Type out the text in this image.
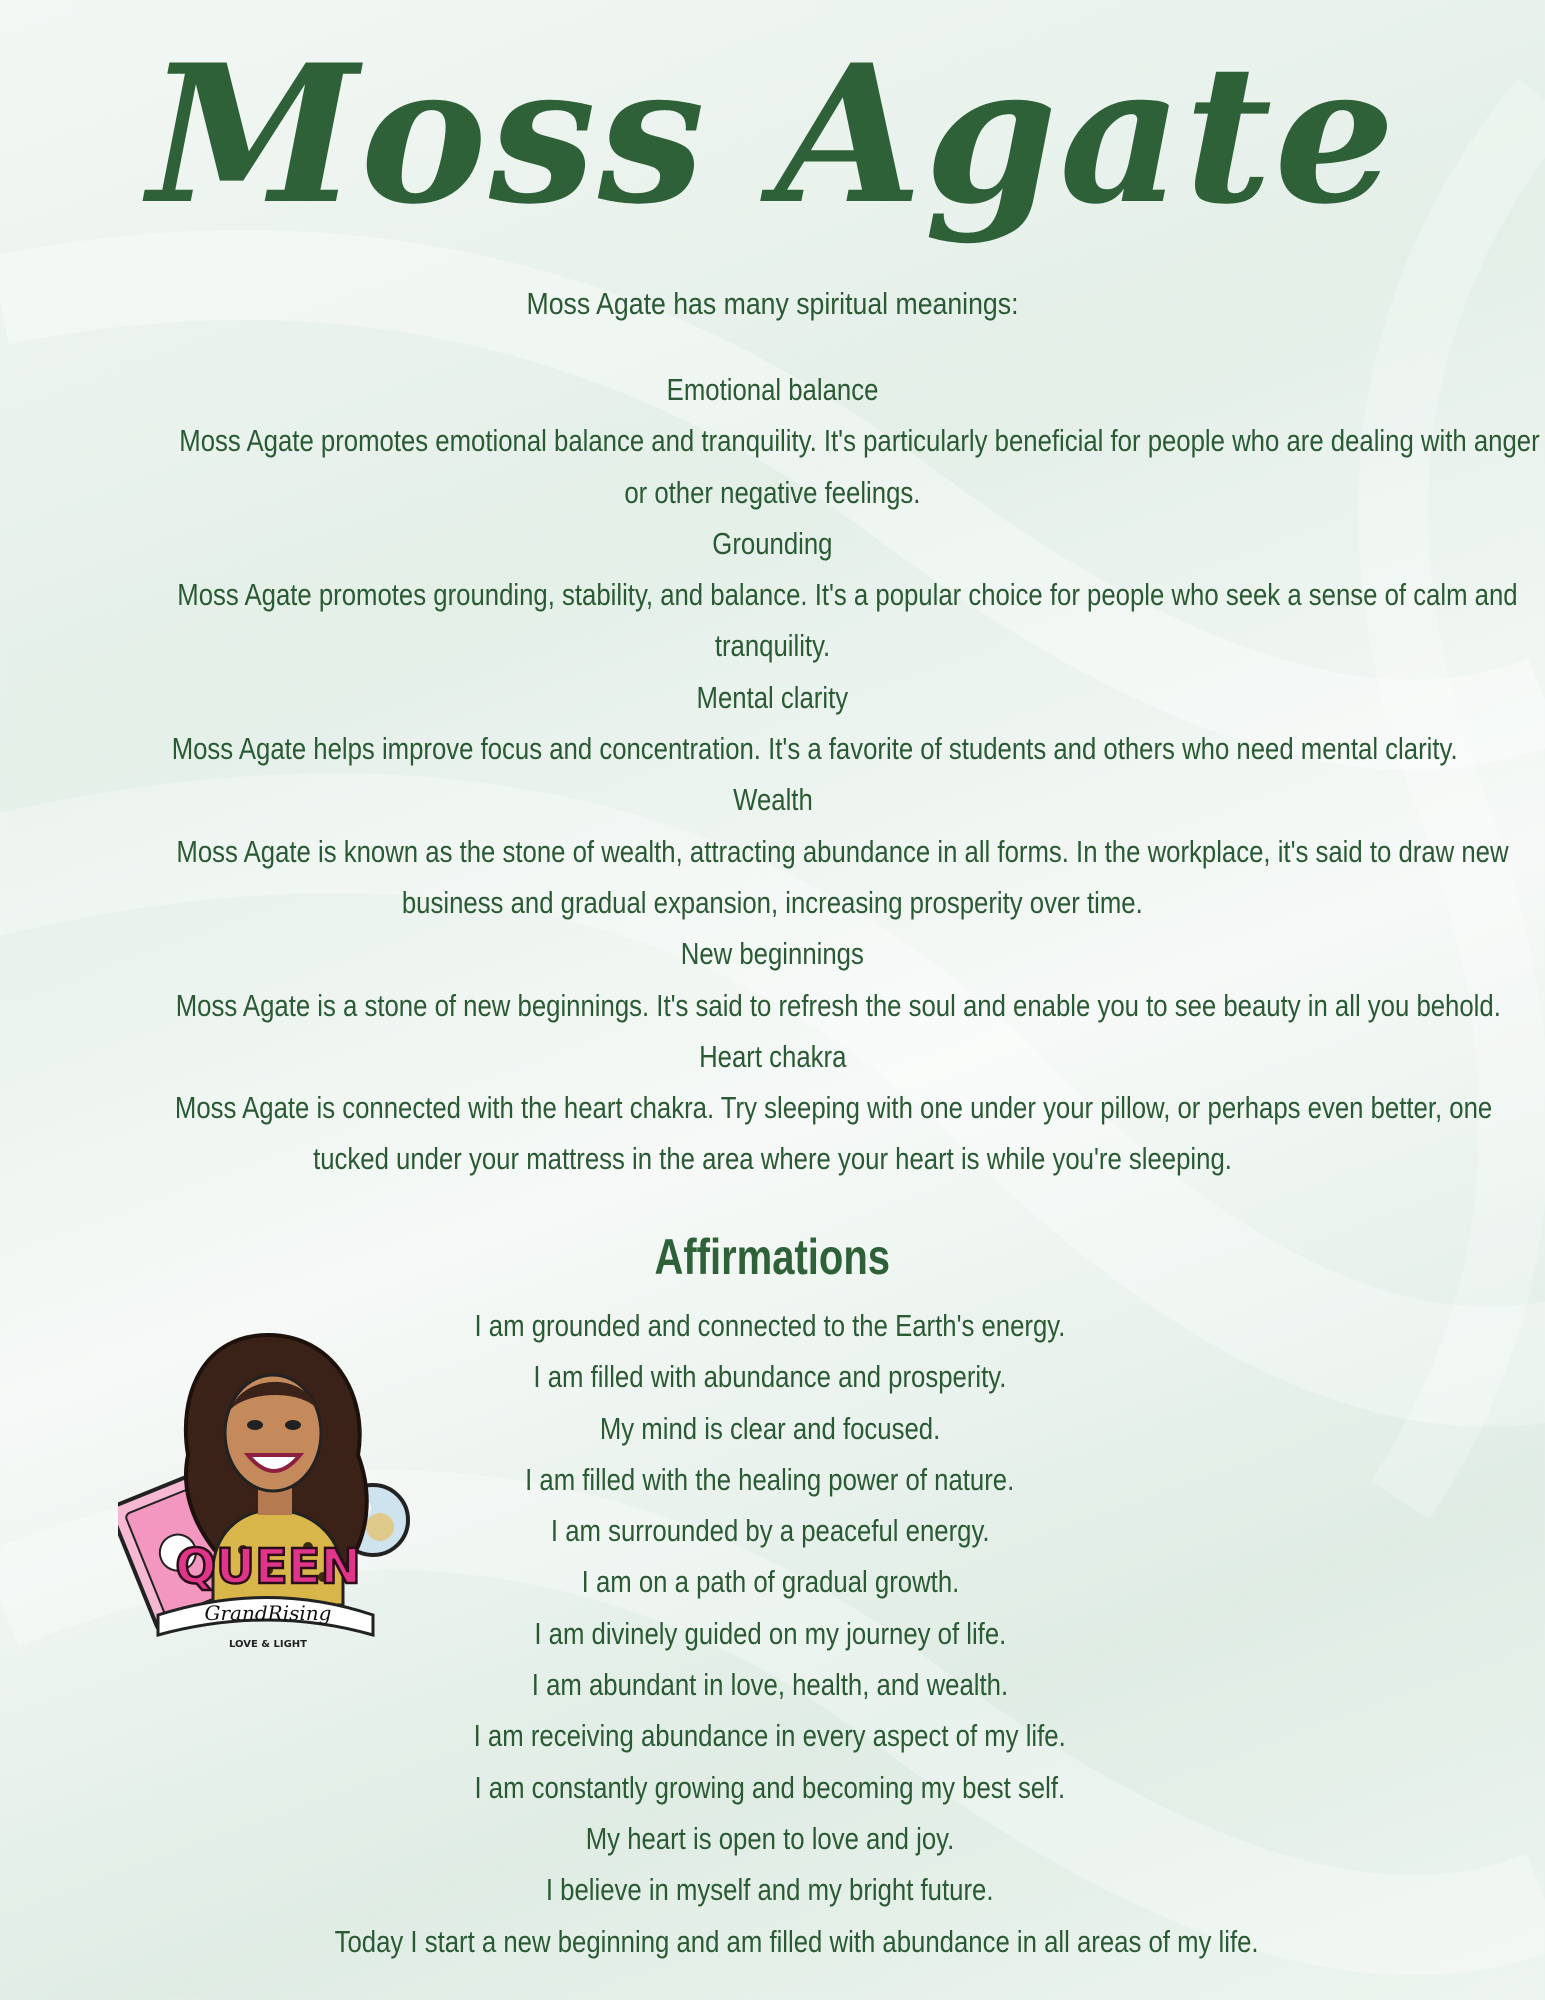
Moss Agate
Moss Agate has many spiritual meanings:
Emotional balance
Moss Agate promotes emotional balance and tranquility. It's particularly beneficial for people who are dealing with anger
or other negative feelings.
Grounding
Moss Agate promotes grounding, stability, and balance. It's a popular choice for people who seek a sense of calm and
tranquility.
Mental clarity
Moss Agate helps improve focus and concentration. It's a favorite of students and others who need mental clarity.
Wealth
Moss Agate is known as the stone of wealth, attracting abundance in all forms. In the workplace, it's said to draw new
business and gradual expansion, increasing prosperity over time.
New beginnings
Moss Agate is a stone of new beginnings. It's said to refresh the soul and enable you to see beauty in all you behold.
Heart chakra
Moss Agate is connected with the heart chakra. Try sleeping with one under your pillow, or perhaps even better, one
tucked under your mattress in the area where your heart is while you're sleeping.
Affirmations
I am grounded and connected to the Earth's energy.
I am filled with abundance and prosperity.
My mind is clear and focused.
I am filled with the healing power of nature.
I am surrounded by a peaceful energy.
I am on a path of gradual growth.
I am divinely guided on my journey of life.
I am abundant in love, health, and wealth.
I am receiving abundance in every aspect of my life.
I am constantly growing and becoming my best self.
My heart is open to love and joy.
I believe in myself and my bright future.
Today I start a new beginning and am filled with abundance in all areas of my life.
QUEEN
GrandRising
LOVE & LIGHT
